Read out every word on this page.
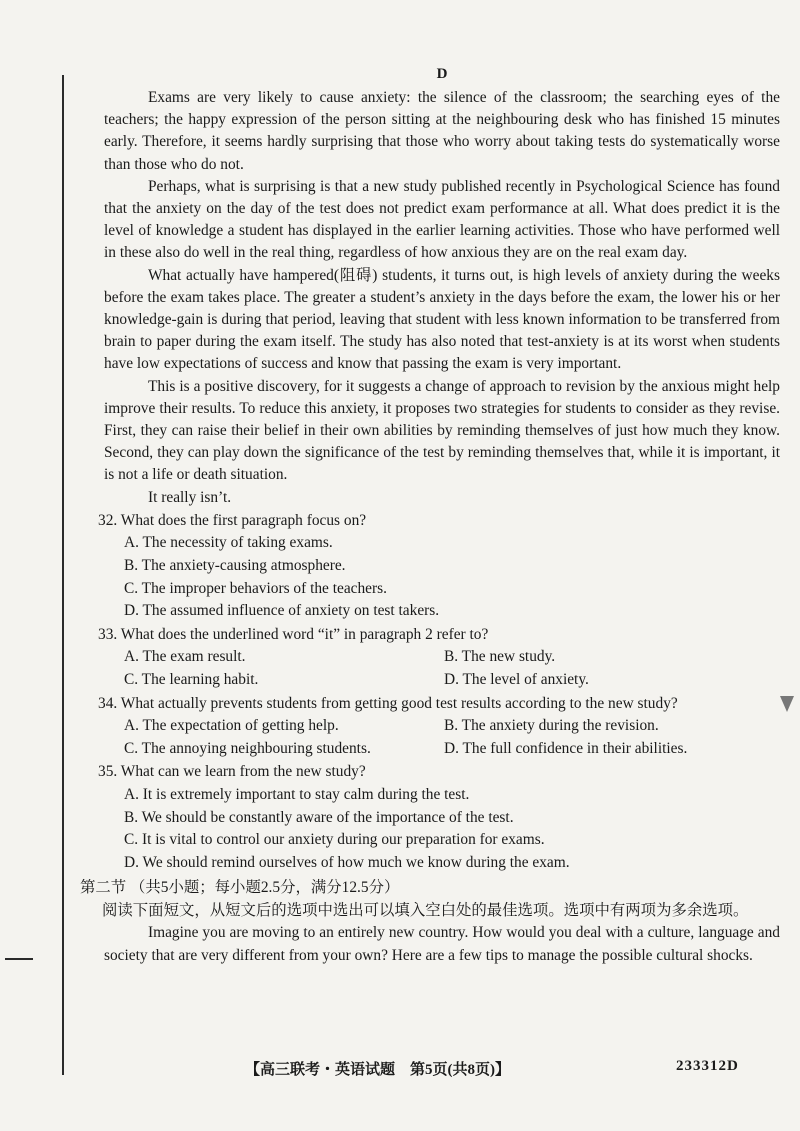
D

Exams are very likely to cause anxiety: the silence of the classroom; the searching eyes of the teachers; the happy expression of the person sitting at the neighbouring desk who has finished 15 minutes early. Therefore, it seems hardly surprising that those who worry about taking tests do systematically worse than those who do not.

Perhaps, what is surprising is that a new study published recently in Psychological Science has found that the anxiety on the day of the test does not predict exam performance at all. What does predict it is the level of knowledge a student has displayed in the earlier learning activities. Those who have performed well in these also do well in the real thing, regardless of how anxious they are on the real exam day.

What actually have hampered(阻碍) students, it turns out, is high levels of anxiety during the weeks before the exam takes place. The greater a student’s anxiety in the days before the exam, the lower his or her knowledge-gain is during that period, leaving that student with less known information to be transferred from brain to paper during the exam itself. The study has also noted that test-anxiety is at its worst when students have low expectations of success and know that passing the exam is very important.

This is a positive discovery, for it suggests a change of approach to revision by the anxious might help improve their results. To reduce this anxiety, it proposes two strategies for students to consider as they revise. First, they can raise their belief in their own abilities by reminding themselves of just how much they know. Second, they can play down the significance of the test by reminding themselves that, while it is important, it is not a life or death situation.

It really isn’t.

32. What does the first paragraph focus on?
A. The necessity of taking exams.
B. The anxiety-causing atmosphere.
C. The improper behaviors of the teachers.
D. The assumed influence of anxiety on test takers.
33. What does the underlined word “it” in paragraph 2 refer to?
A. The exam result.	B. The new study.
C. The learning habit.	D. The level of anxiety.
34. What actually prevents students from getting good test results according to the new study?
A. The expectation of getting help.	B. The anxiety during the revision.
C. The annoying neighbouring students.	D. The full confidence in their abilities.
35. What can we learn from the new study?
A. It is extremely important to stay calm during the test.
B. We should be constantly aware of the importance of the test.
C. It is vital to control our anxiety during our preparation for exams.
D. We should remind ourselves of how much we know during the exam.
第二节 （共5小题；每小题2.5分，满分12.5分）
阅读下面短文，从短文后的选项中选出可以填入空白处的最佳选项。选项中有两项为多余选项。

Imagine you are moving to an entirely new country. How would you deal with a culture, language and society that are very different from your own? Here are a few tips to manage the possible cultural shocks.

【高三联考・英语试题　第5页(共8页)】	233312D
